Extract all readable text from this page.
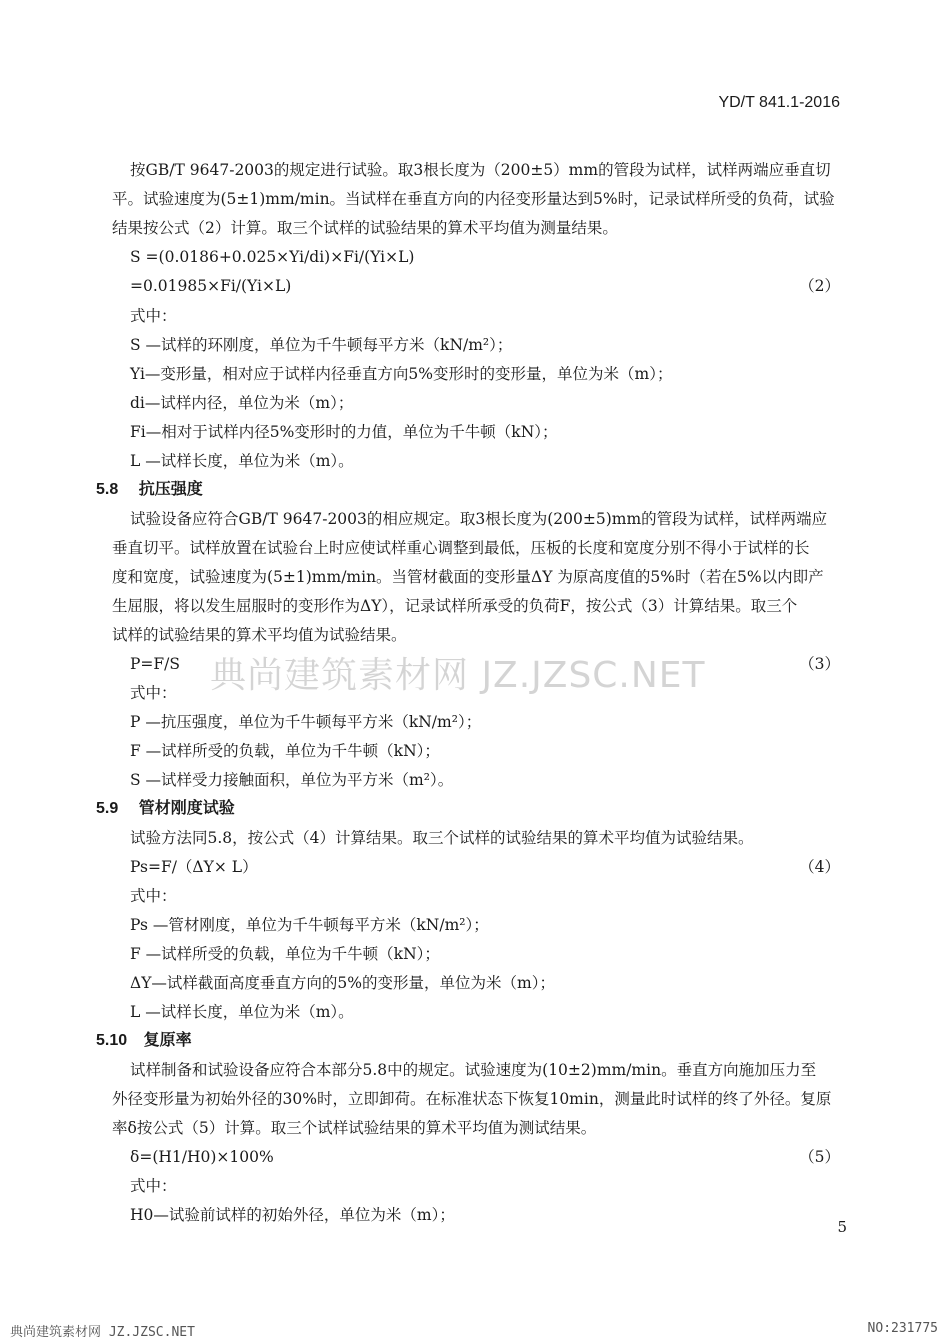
YD/T 841.1-2016
按GB/T 9647-2003的规定进行试验。取3根长度为（200±5）mm的管段为试样，试样两端应垂直切
平。试验速度为(5±1)mm/min。当试样在垂直方向的内径变形量达到5%时，记录试样所受的负荷，试验
结果按公式（2）计算。取三个试样的试验结果的算术平均值为测量结果。
S =(0.0186+0.025×Yi/di)×Fi/(Yi×L)
=0.01985×Fi/(Yi×L)	（2）
式中：
S —试样的环刚度，单位为千牛顿每平方米（kN/m²）；
Yi—变形量，相对应于试样内径垂直方向5%变形时的变形量，单位为米（m）；
di—试样内径，单位为米（m）；
Fi—相对于试样内径5%变形时的力值，单位为千牛顿（kN）；
L —试样长度，单位为米（m）。
5.8 抗压强度
试验设备应符合GB/T 9647-2003的相应规定。取3根长度为(200±5)mm的管段为试样，试样两端应
垂直切平。试样放置在试验台上时应使试样重心调整到最低，压板的长度和宽度分别不得小于试样的长
度和宽度，试验速度为(5±1)mm/min。当管材截面的变形量ΔY 为原高度值的5%时（若在5%以内即产
生屈服，将以发生屈服时的变形作为ΔY），记录试样所承受的负荷F，按公式（3）计算结果。取三个
试样的试验结果的算术平均值为试验结果。
P=F/S	（3）
式中：
P —抗压强度，单位为千牛顿每平方米（kN/m²）；
F —试样所受的负载，单位为千牛顿（kN）；
S —试样受力接触面积，单位为平方米（m²）。
5.9 管材刚度试验
试验方法同5.8，按公式（4）计算结果。取三个试样的试验结果的算术平均值为试验结果。
Ps=F/（ΔY× L）	（4）
式中：
Ps —管材刚度，单位为千牛顿每平方米（kN/m²）；
F —试样所受的负载，单位为千牛顿（kN）；
ΔY—试样截面高度垂直方向的5%的变形量，单位为米（m）；
L —试样长度，单位为米（m）。
5.10 复原率
试样制备和试验设备应符合本部分5.8中的规定。试验速度为(10±2)mm/min。垂直方向施加压力至
外径变形量为初始外径的30%时，立即卸荷。在标准状态下恢复10min，测量此时试样的终了外径。复原
率δ按公式（5）计算。取三个试样试验结果的算术平均值为测试结果。
δ=(H1/H0)×100%	（5）
式中：
H0—试验前试样的初始外径，单位为米（m）；
5
典尚建筑素材网 JZ.JZSC.NET
典尚建筑素材网 JZ.JZSC.NET	NO:231775
